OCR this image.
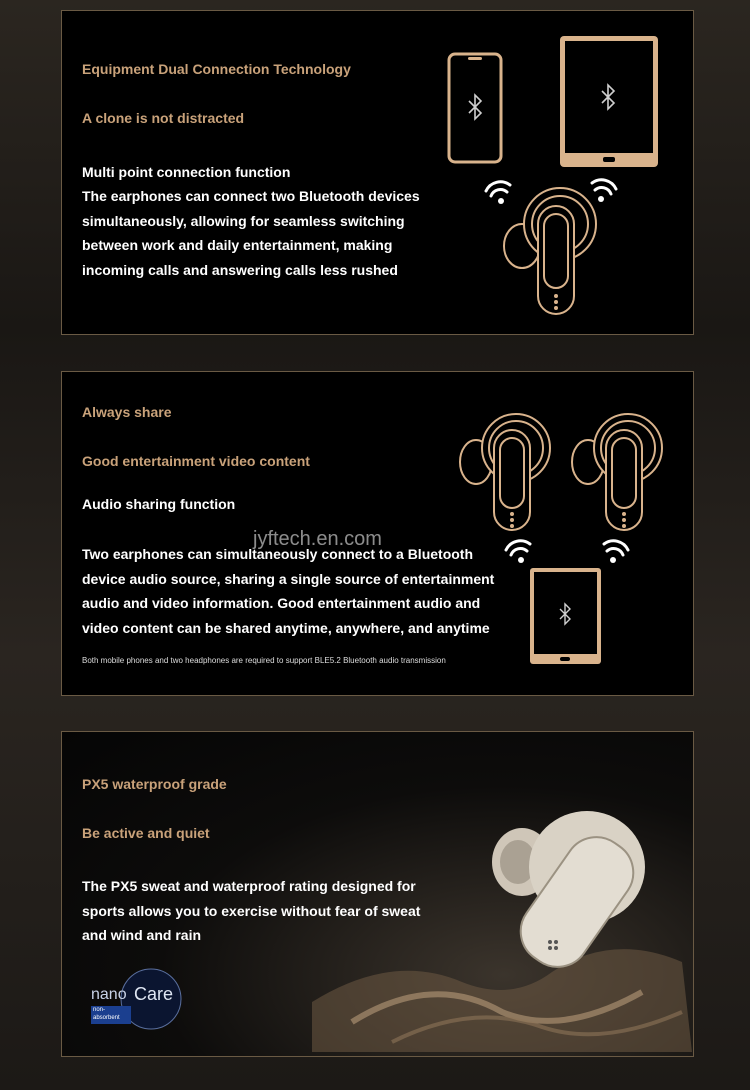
Equipment Dual Connection Technology
A clone is not distracted
Multi point connection function
The earphones can connect two Bluetooth devices
simultaneously, allowing for seamless switching
between work and daily entertainment, making
incoming calls and answering calls less rushed
Always share
Good entertainment video content
Audio sharing function
Two earphones can simultaneously connect to a Bluetooth
device audio source, sharing a single source of entertainment
audio and video information. Good entertainment audio and
video content can be shared anytime, anywhere, and anytime
Both mobile phones and two headphones are required to support BLE5.2 Bluetooth audio transmission
jyftech.en.com
PX5 waterproof grade
Be active and quiet
The PX5 sweat and waterproof rating designed for
sports allows you to exercise without fear of sweat
and wind and rain
nano Care
non-
absorbent
